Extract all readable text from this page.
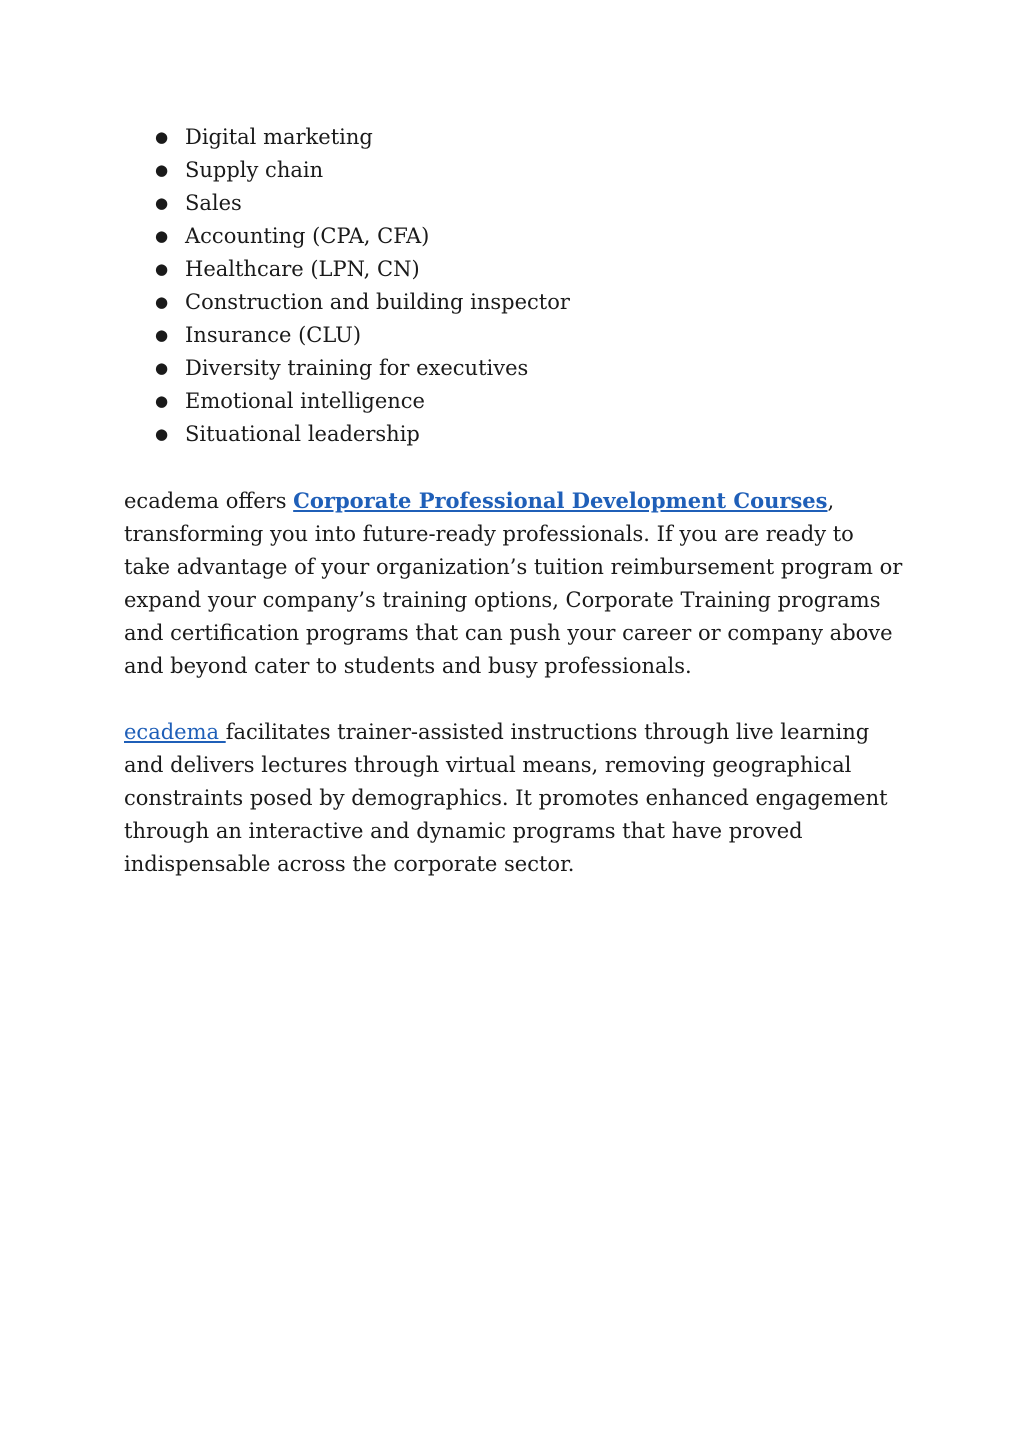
● Digital marketing
● Supply chain
● Sales
● Accounting (CPA, CFA)
● Healthcare (LPN, CN)
● Construction and building inspector
● Insurance (CLU)
● Diversity training for executives
● Emotional intelligence
● Situational leadership

ecadema offers Corporate Professional Development Courses, transforming you into future-ready professionals. If you are ready to take advantage of your organization’s tuition reimbursement program or expand your company’s training options, Corporate Training programs and certification programs that can push your career or company above and beyond cater to students and busy professionals.

ecadema facilitates trainer-assisted instructions through live learning and delivers lectures through virtual means, removing geographical constraints posed by demographics. It promotes enhanced engagement through an interactive and dynamic programs that have proved indispensable across the corporate sector.
